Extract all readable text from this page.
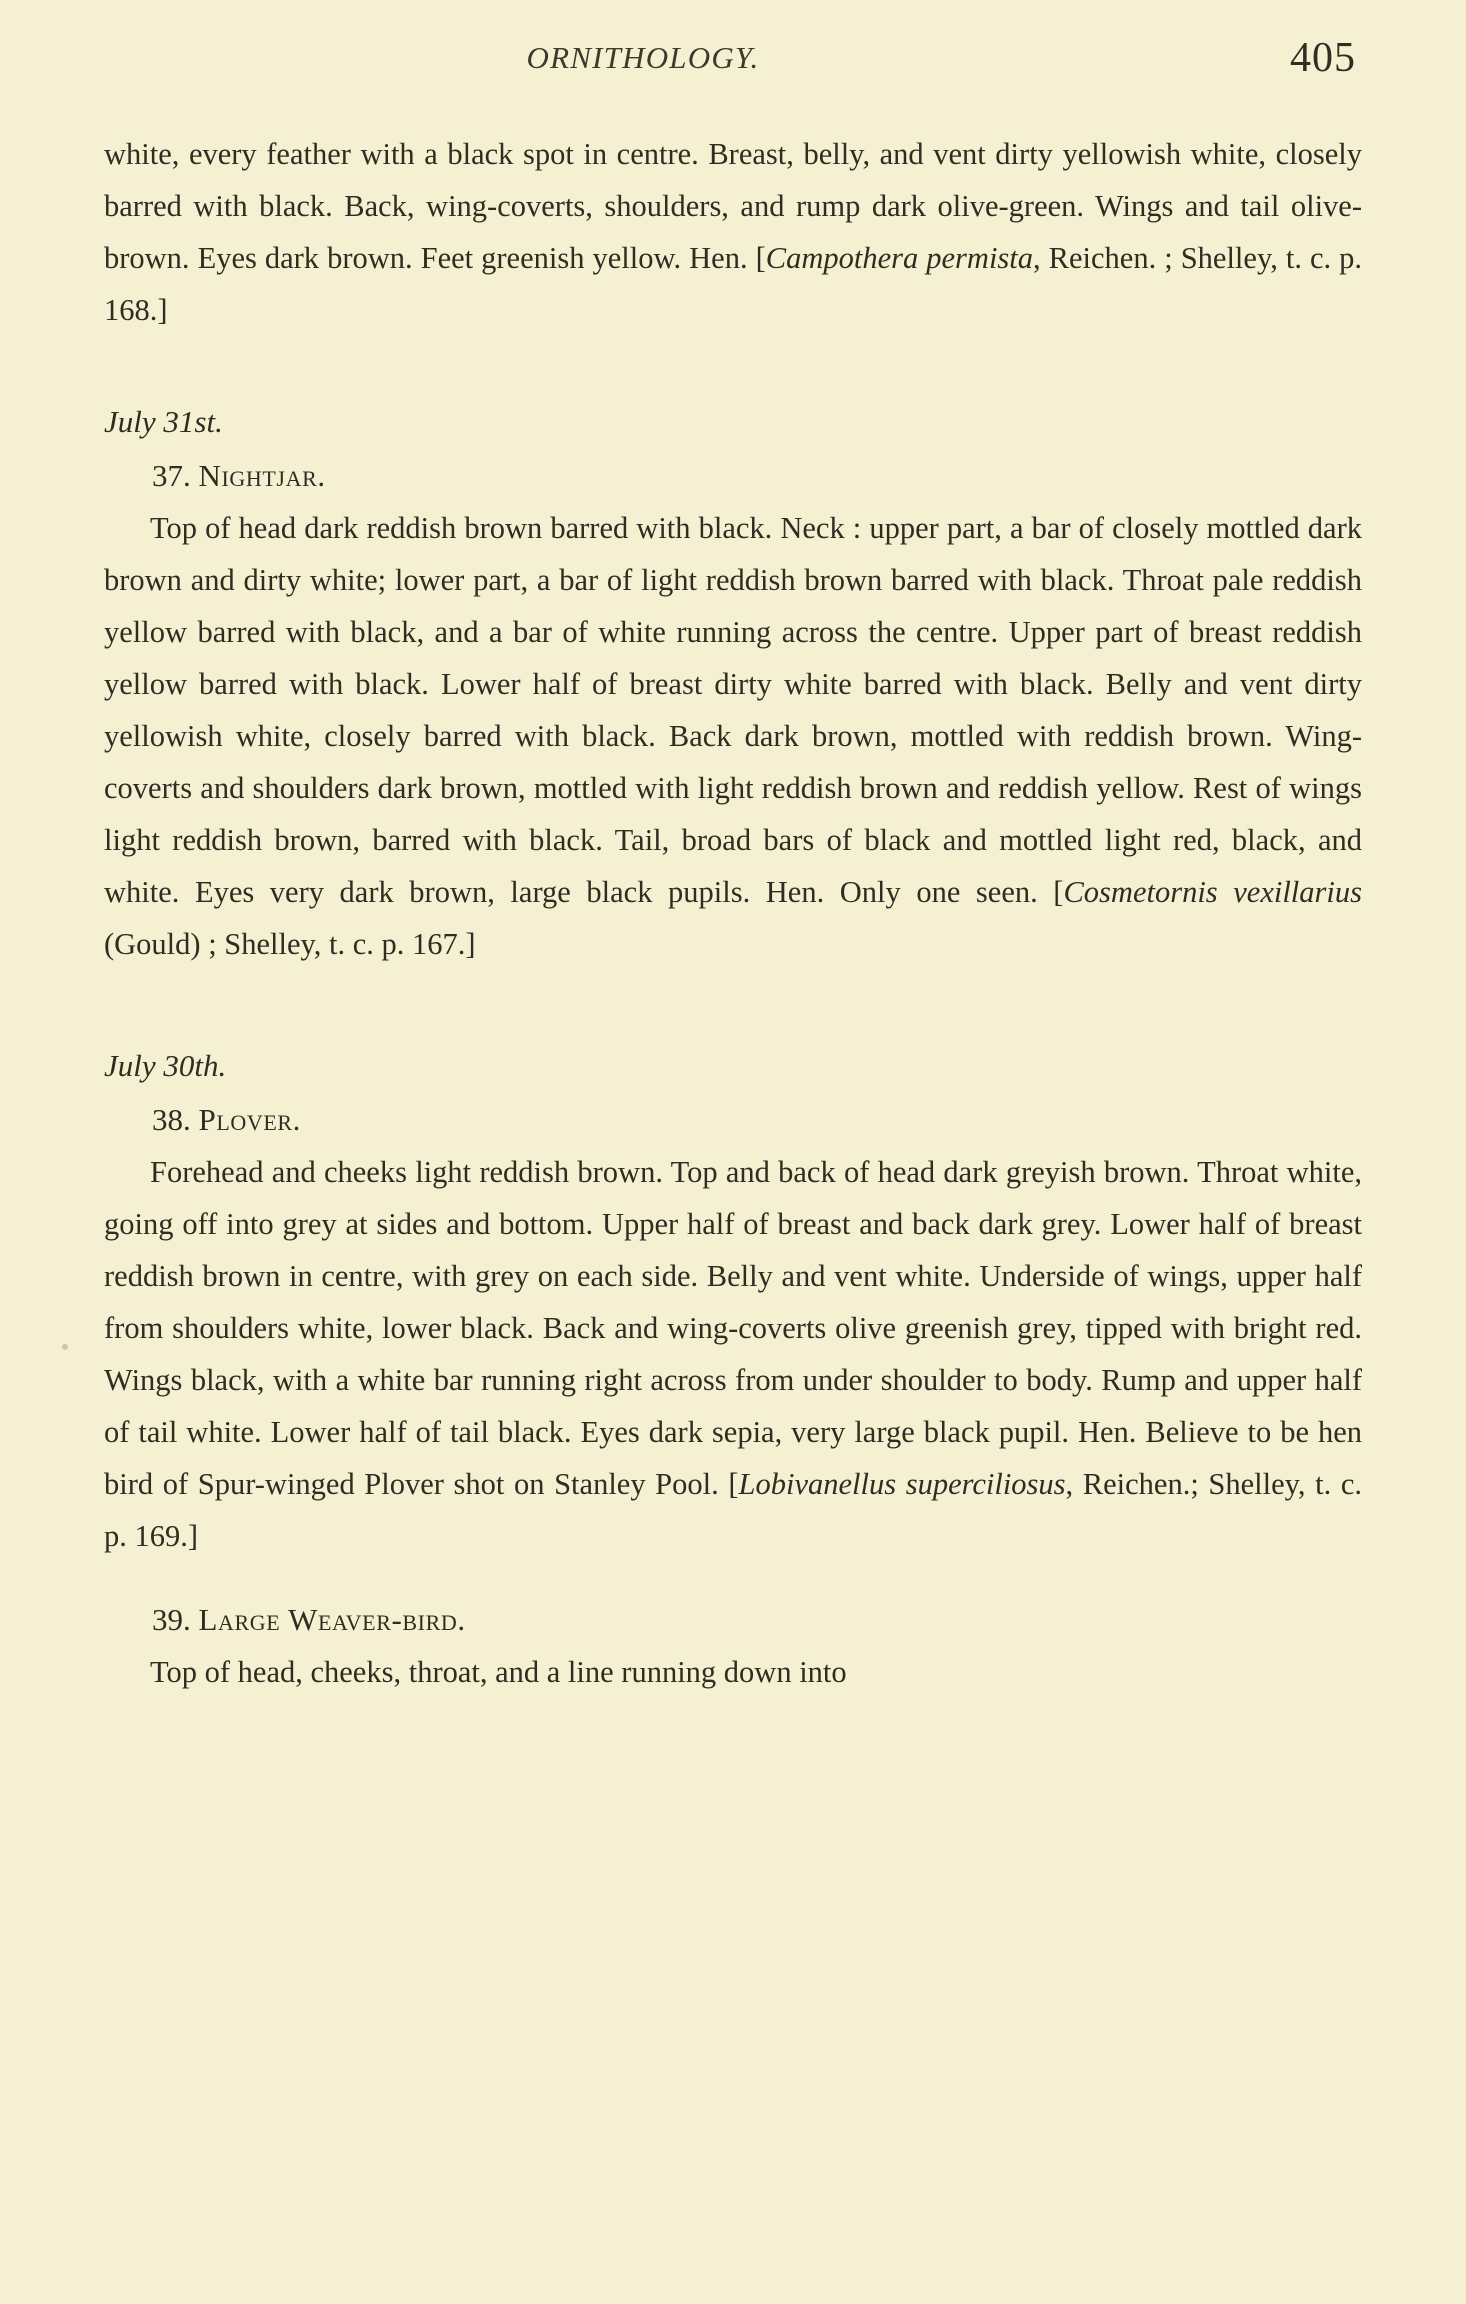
ORNITHOLOGY.	405

white, every feather with a black spot in centre. Breast, belly, and vent dirty yellowish white, closely barred with black. Back, wing-coverts, shoulders, and rump dark olive-green. Wings and tail olive-brown. Eyes dark brown. Feet greenish yellow. Hen. [Campothera permista, Reichen. ; Shelley, t. c. p. 168.]

July 31st.

37. Nightjar.

Top of head dark reddish brown barred with black. Neck : upper part, a bar of closely mottled dark brown and dirty white; lower part, a bar of light reddish brown barred with black. Throat pale reddish yellow barred with black, and a bar of white running across the centre. Upper part of breast reddish yellow barred with black. Lower half of breast dirty white barred with black. Belly and vent dirty yellowish white, closely barred with black. Back dark brown, mottled with reddish brown. Wing-coverts and shoulders dark brown, mottled with light reddish brown and reddish yellow. Rest of wings light reddish brown, barred with black. Tail, broad bars of black and mottled light red, black, and white. Eyes very dark brown, large black pupils. Hen. Only one seen. [Cosmetornis vexillarius (Gould) ; Shelley, t. c. p. 167.]

July 30th.

38. Plover.

Forehead and cheeks light reddish brown. Top and back of head dark greyish brown. Throat white, going off into grey at sides and bottom. Upper half of breast and back dark grey. Lower half of breast reddish brown in centre, with grey on each side. Belly and vent white. Underside of wings, upper half from shoulders white, lower black. Back and wing-coverts olive greenish grey, tipped with bright red. Wings black, with a white bar running right across from under shoulder to body. Rump and upper half of tail white. Lower half of tail black. Eyes dark sepia, very large black pupil. Hen. Believe to be hen bird of Spur-winged Plover shot on Stanley Pool. [Lobivanellus superciliosus, Reichen.; Shelley, t. c. p. 169.]

39. Large Weaver-bird.

Top of head, cheeks, throat, and a line running down into
